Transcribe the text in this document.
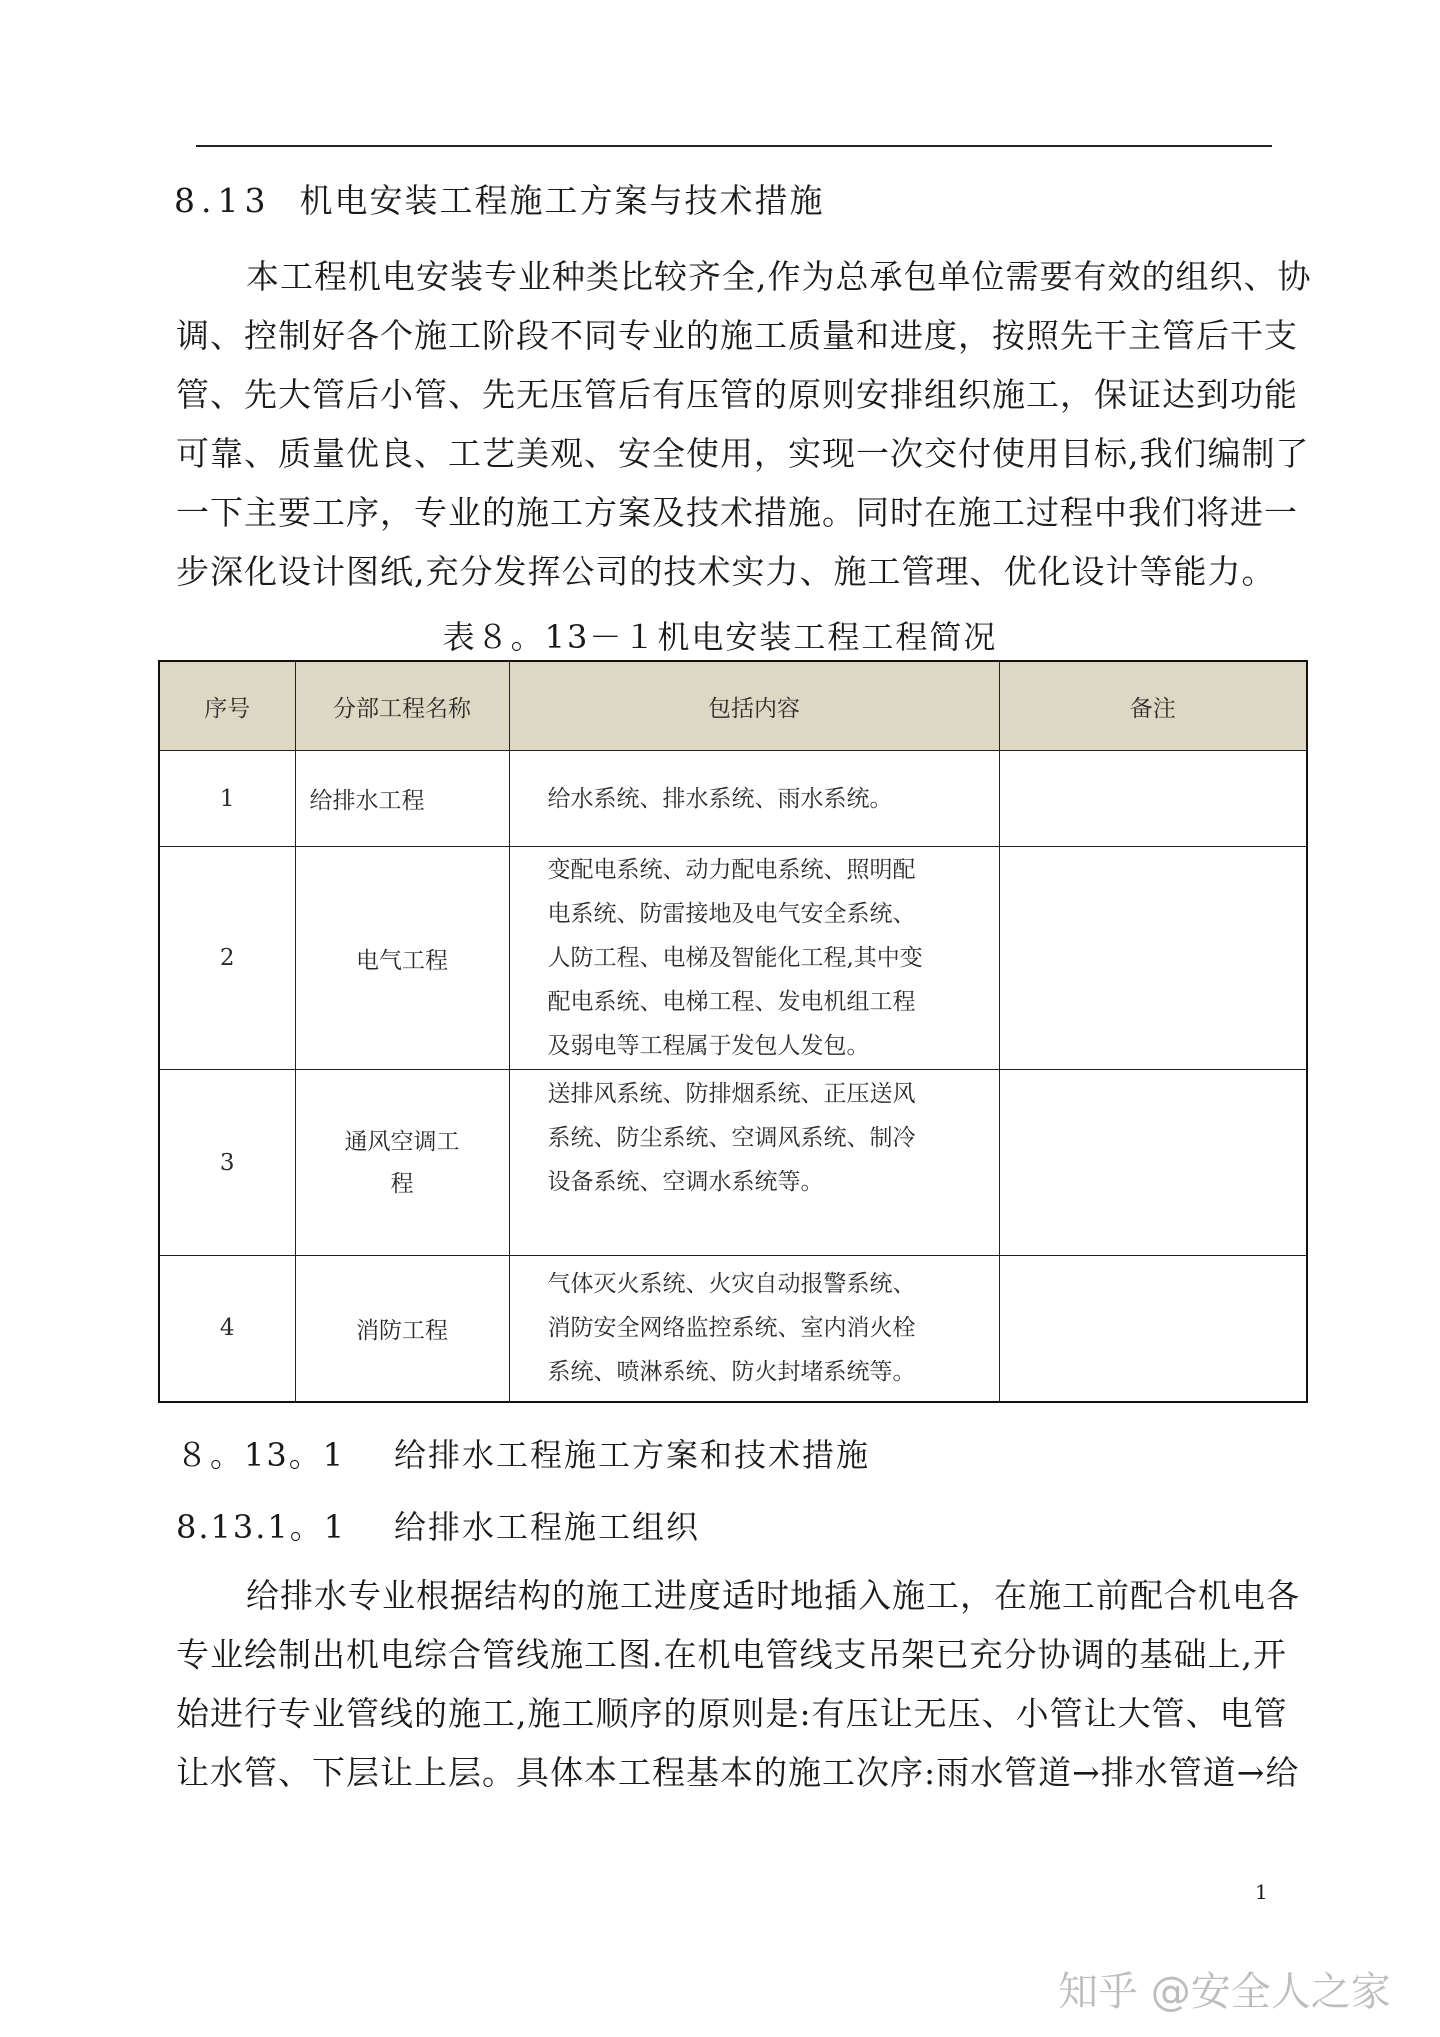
8.13 机电安装工程施工方案与技术措施
本工程机电安装专业种类比较齐全,作为总承包单位需要有效的组织、协
调、控制好各个施工阶段不同专业的施工质量和进度，按照先干主管后干支
管、先大管后小管、先无压管后有压管的原则安排组织施工，保证达到功能
可靠、质量优良、工艺美观、安全使用，实现一次交付使用目标,我们编制了
一下主要工序，专业的施工方案及技术措施。同时在施工过程中我们将进一
步深化设计图纸,充分发挥公司的技术实力、施工管理、优化设计等能力。
表８。13－１机电安装工程工程简况
序号	分部工程名称	包括内容	备注
1	给排水工程	给水系统、排水系统、雨水系统。	

2	电气工程	变配电系统、动力配电系统、照明配
电系统、防雷接地及电气安全系统、
人防工程、电梯及智能化工程,其中变
配电系统、电梯工程、发电机组工程
及弱电等工程属于发包人发包。	

3	通风空调工
程	送排风系统、防排烟系统、正压送风
系统、防尘系统、空调风系统、制冷
设备系统、空调水系统等。	

4	消防工程	气体灭火系统、火灾自动报警系统、
消防安全网络监控系统、室内消火栓
系统、喷淋系统、防火封堵系统等。	

８。13。1 给排水工程施工方案和技术措施
8.13.1。1 给排水工程施工组织
给排水专业根据结构的施工进度适时地插入施工，在施工前配合机电各
专业绘制出机电综合管线施工图.在机电管线支吊架已充分协调的基础上,开
始进行专业管线的施工,施工顺序的原则是:有压让无压、小管让大管、电管
让水管、下层让上层。具体本工程基本的施工次序:雨水管道→排水管道→给
1
知乎 @安全人之家
